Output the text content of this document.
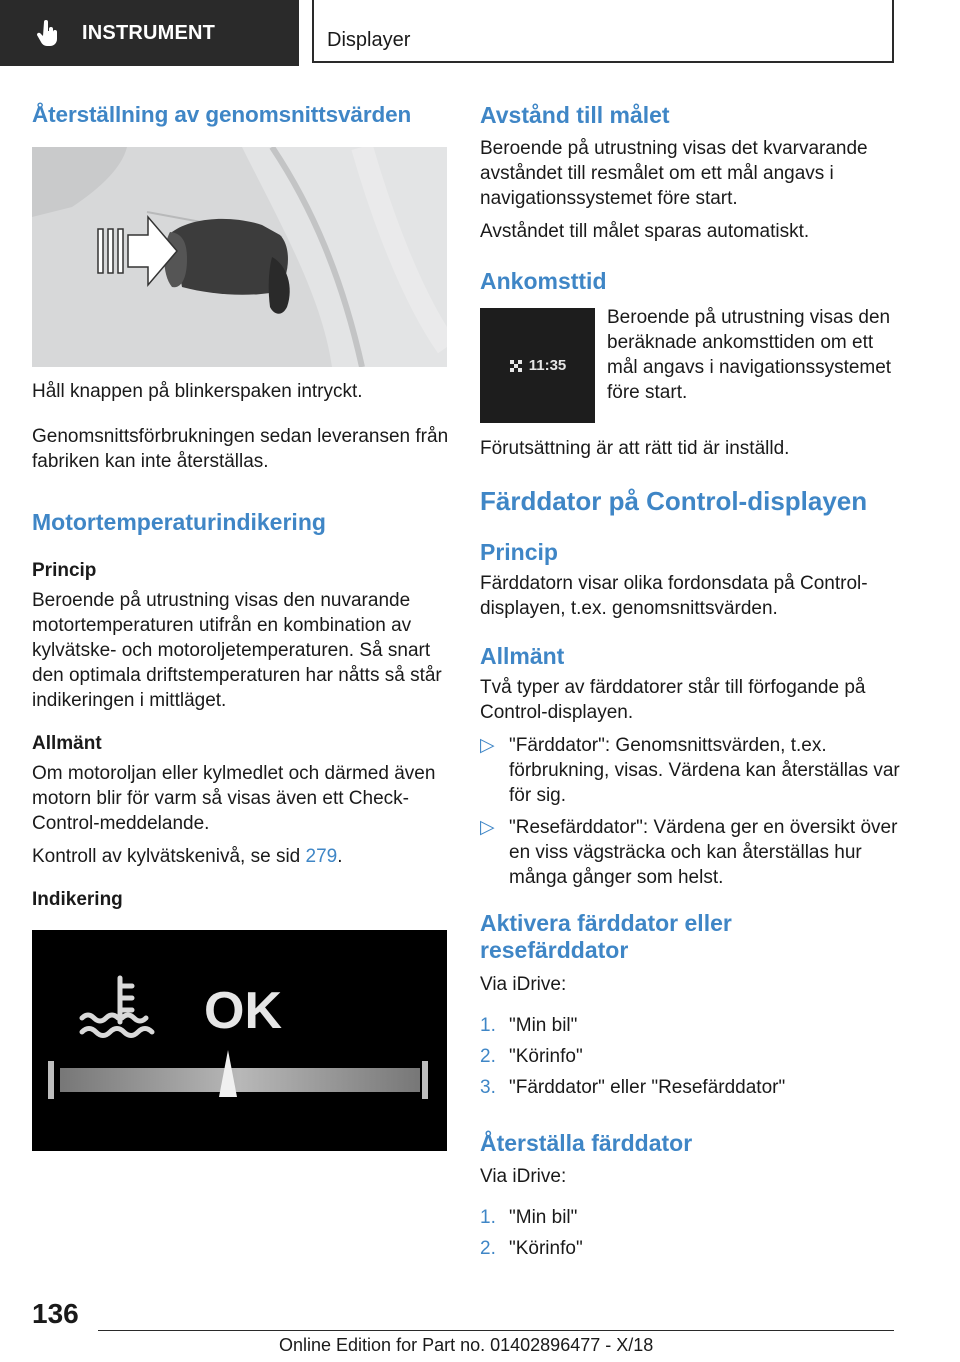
INSTRUMENT	Displayer
Återställning av genomsnittsvärden

Håll knappen på blinkerspaken intryckt.

Genomsnittsförbrukningen sedan leveransen från fabriken kan inte återställas.

Motortemperaturindikering
Princip

Beroende på utrustning visas den nuvarande motortemperaturen utifrån en kombination av kylvätske- och motoroljetemperaturen. Så snart den optimala driftstemperaturen har nåtts så står indikeringen i mittläget.

Allmänt

Om motoroljan eller kylmedlet och därmed även motorn blir för varm så visas även ett Check-Control-meddelande.

Kontroll av kylvätskenivå, se sid 279.

Indikering
OK
Avstånd till målet

Beroende på utrustning visas det kvarvarande avståndet till resmålet om ett mål angavs i navigationssystemet före start.

Avståndet till målet sparas automatiskt.

Ankomsttid
11:35

Beroende på utrustning visas den beräknade ankomsttiden om ett mål angavs i navigationssystemet före start.

Förutsättning är att rätt tid är inställd.

Färddator på Control-displayen
Princip

Färddatorn visar olika fordonsdata på Control-displayen, t.ex. genomsnittsvärden.

Allmänt

Två typer av färddatorer står till förfogande på Control-displayen.

▷ "Färddator": Genomsnittsvärden, t.ex. förbrukning, visas. Värdena kan återställas var för sig.
▷ "Resefärddator": Värdena ger en översikt över en viss vägsträcka och kan återställas hur många gånger som helst.
Aktivera färddator eller resefärddator

Via iDrive:

1. "Min bil"
2. "Körinfo"
3. "Färddator" eller "Resefärddator"
Återställa färddator

Via iDrive:

1. "Min bil"
2. "Körinfo"
136
Online Edition for Part no. 01402896477 - X/18
